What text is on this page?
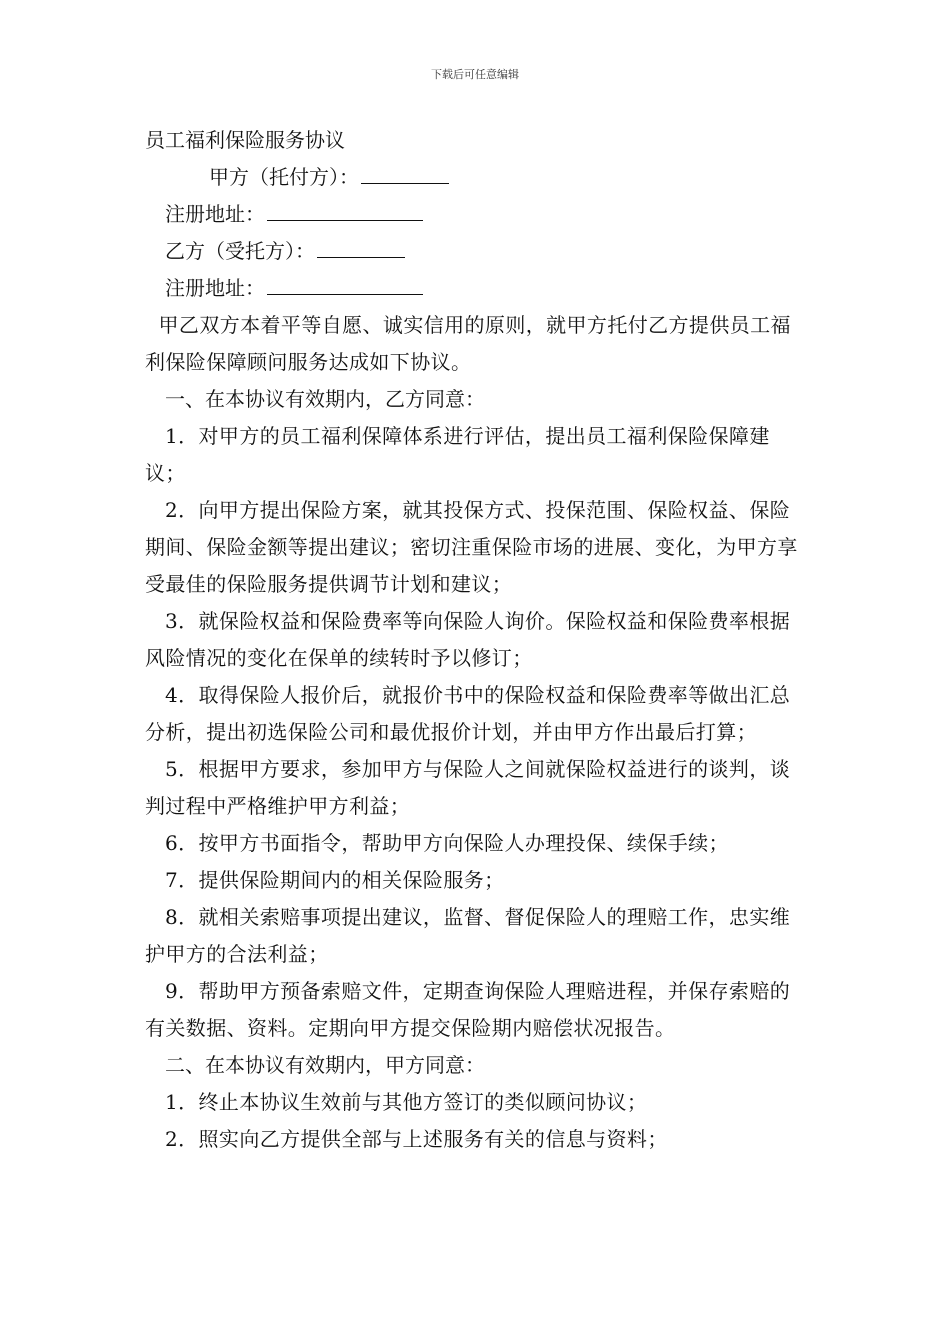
下载后可任意编辑
员工福利保险服务协议
甲方（托付方）：
注册地址：
乙方（受托方）：
注册地址：
甲乙双方本着平等自愿、诚实信用的原则，就甲方托付乙方提供员工福利保险保障顾问服务达成如下协议。
一、在本协议有效期内，乙方同意：
1．对甲方的员工福利保障体系进行评估，提出员工福利保险保障建议；
2．向甲方提出保险方案，就其投保方式、投保范围、保险权益、保险期间、保险金额等提出建议；密切注重保险市场的进展、变化，为甲方享受最佳的保险服务提供调节计划和建议；
3．就保险权益和保险费率等向保险人询价。保险权益和保险费率根据风险情况的变化在保单的续转时予以修订；
4．取得保险人报价后，就报价书中的保险权益和保险费率等做出汇总分析，提出初选保险公司和最优报价计划，并由甲方作出最后打算；
5．根据甲方要求，参加甲方与保险人之间就保险权益进行的谈判，谈判过程中严格维护甲方利益；
6．按甲方书面指令，帮助甲方向保险人办理投保、续保手续；
7．提供保险期间内的相关保险服务；
8．就相关索赔事项提出建议，监督、督促保险人的理赔工作，忠实维护甲方的合法利益；
9．帮助甲方预备索赔文件，定期查询保险人理赔进程，并保存索赔的有关数据、资料。定期向甲方提交保险期内赔偿状况报告。
二、在本协议有效期内，甲方同意：
1．终止本协议生效前与其他方签订的类似顾问协议；
2．照实向乙方提供全部与上述服务有关的信息与资料；
